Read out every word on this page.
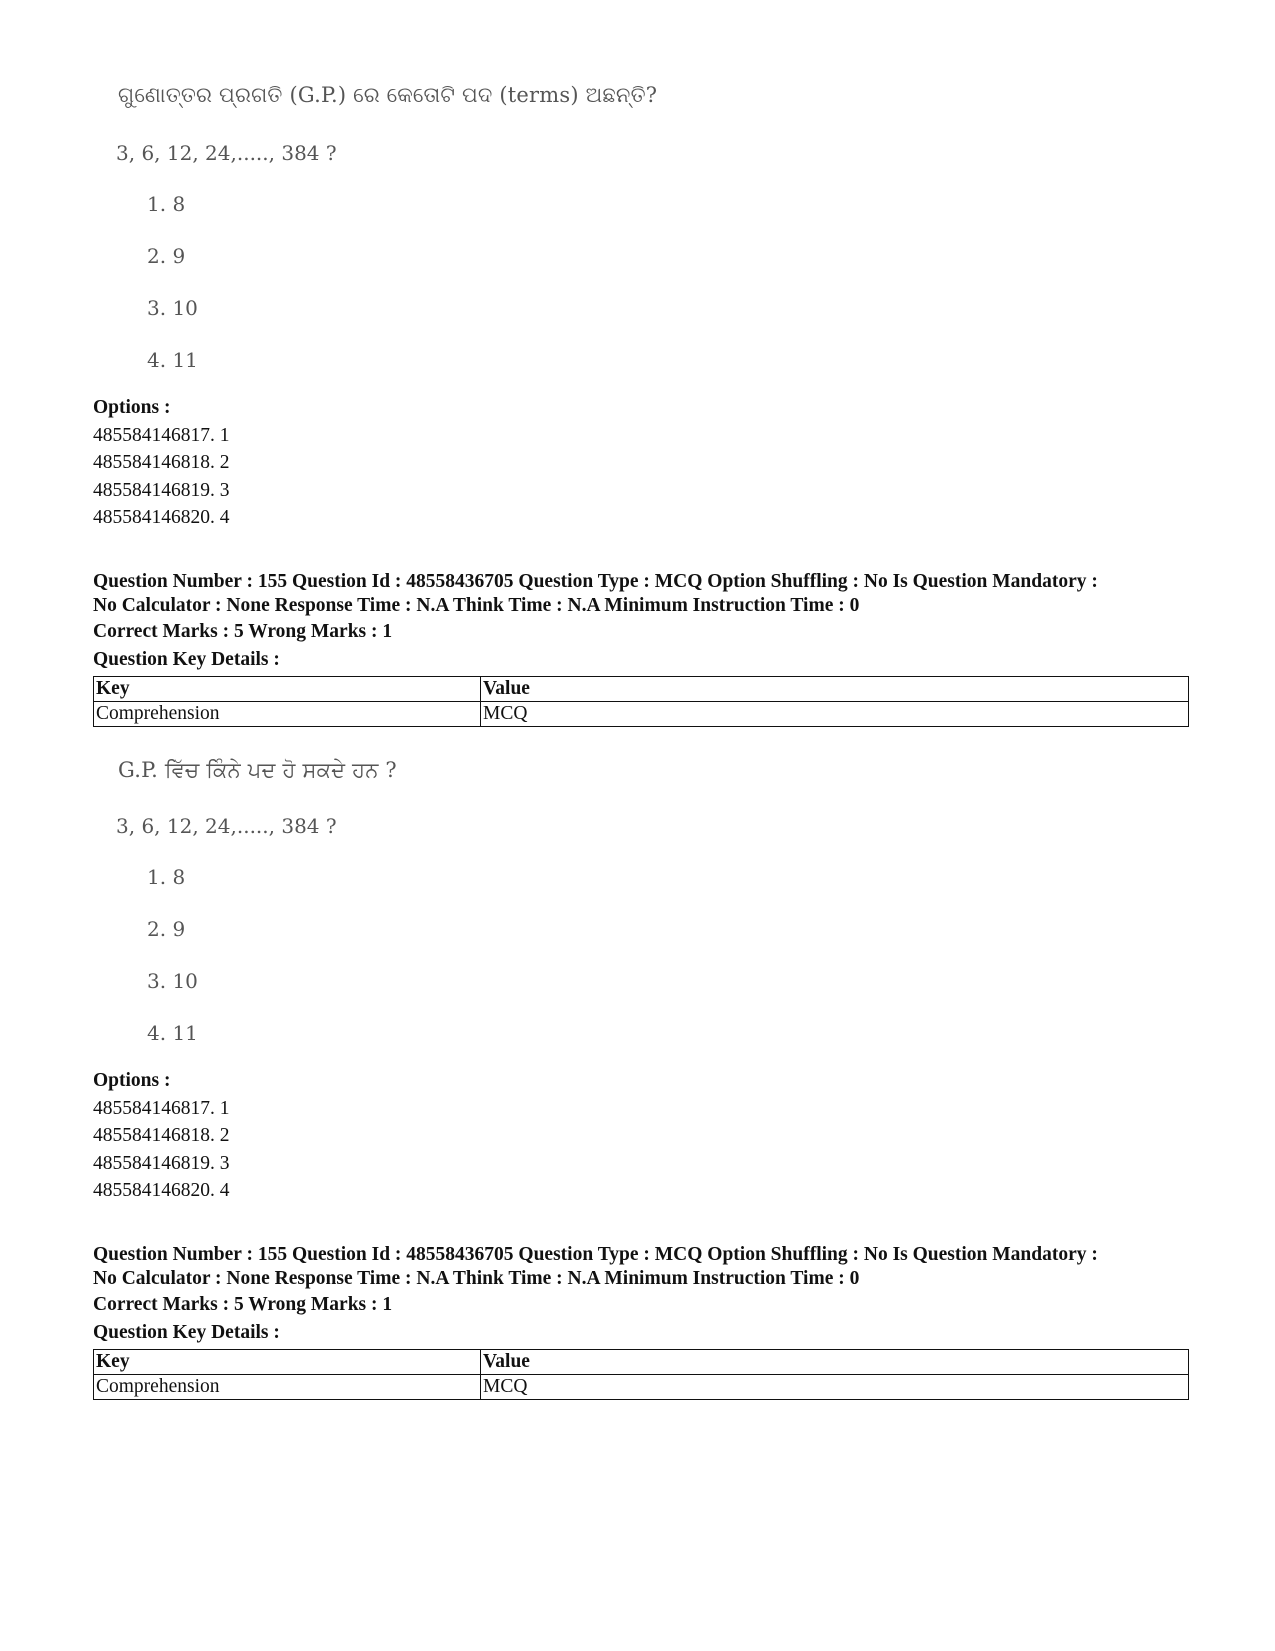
ଗୁଣୋତ୍ତର ପ୍ରଗତି (G.P.) ରେ କେତୋଟି ପଦ (terms) ଅଛନ୍ତି?
3, 6, 12, 24,....., 384 ?
1. 8
2. 9
3. 10
4. 11
Options :
485584146817. 1
485584146818. 2
485584146819. 3
485584146820. 4
Question Number : 155 Question Id : 48558436705 Question Type : MCQ Option Shuffling : No Is Question Mandatory :
No Calculator : None Response Time : N.A Think Time : N.A Minimum Instruction Time : 0
Correct Marks : 5 Wrong Marks : 1
Question Key Details :
Key	Value
Comprehension	MCQ
G.P. ਵਿੱਚ ਕਿੰਨੇ ਪਦ ਹੋ ਸਕਦੇ ਹਨ ?
3, 6, 12, 24,....., 384 ?
1. 8
2. 9
3. 10
4. 11
Options :
485584146817. 1
485584146818. 2
485584146819. 3
485584146820. 4
Question Number : 155 Question Id : 48558436705 Question Type : MCQ Option Shuffling : No Is Question Mandatory :
No Calculator : None Response Time : N.A Think Time : N.A Minimum Instruction Time : 0
Correct Marks : 5 Wrong Marks : 1
Question Key Details :
Key	Value
Comprehension	MCQ
